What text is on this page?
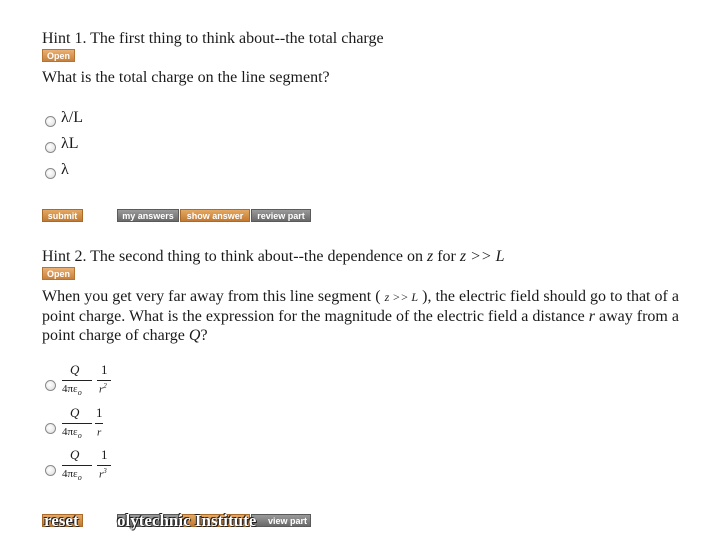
Hint 1. The first thing to think about--the total charge
Open
What is the total charge on the line segment?
λ/L
λL
λ
submit	my answers	show answer	review part
Hint 2. The second thing to think about--the dependence on z for z >> L
Open
When you get very far away from this line segment ( z >> L ), the electric field should go to that of a
point charge. What is the expression for the magnitude of the electric field a distance r away from a
point charge of charge Q?
Q
$4\pi\varepsilon_o$
1
$r^2$
Q
$4\pi\varepsilon_o$
1
r
Q
$4\pi\varepsilon_o$
1
$r^3$
view part
reset olytechnic Institute
